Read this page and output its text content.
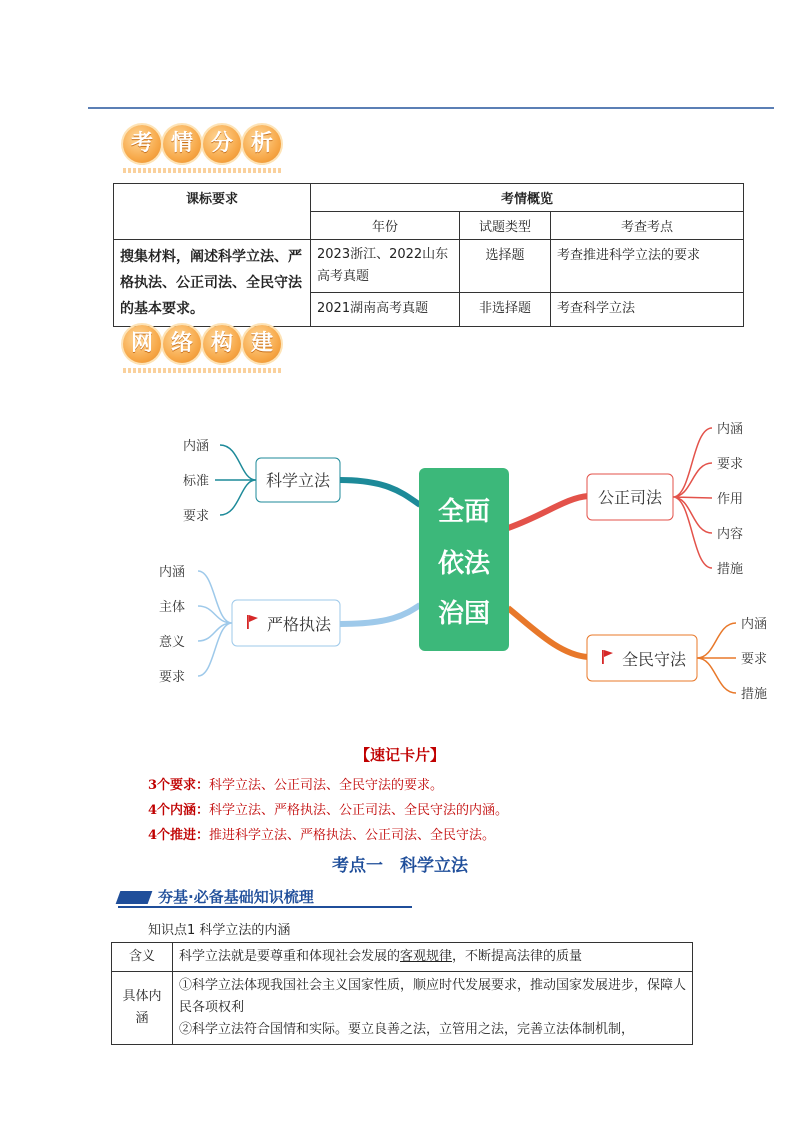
考 情 分 析
课标要求	考情概览		
	年份	试题类型	考查考点
搜集材料，阐述科学立法、严格执法、公正司法、全民守法的基本要求。	2023浙江、2022山东高考真题	选择题	考查推进科学立法的要求
	2021湖南高考真题	非选择题	考查科学立法
网 络 构 建
全面
依法
治国
科学立法
内涵
标准
要求
严格执法
内涵
主体
意义
要求
公正司法
内涵
要求
作用
内容
措施
全民守法
内涵
要求
措施
【速记卡片】
3个要求：科学立法、公正司法、全民守法的要求。
4个内涵：科学立法、严格执法、公正司法、全民守法的内涵。
4个推进：推进科学立法、严格执法、公正司法、全民守法。
考点一　科学立法
夯基·必备基础知识梳理
知识点1 科学立法的内涵
含义	科学立法就是要尊重和体现社会发展的客观规律，不断提高法律的质量
具体内涵	①科学立法体现我国社会主义国家性质，顺应时代发展要求，推动国家发展进步，保障人民各项权利
②科学立法符合国情和实际。要立良善之法，立管用之法，完善立法体制机制，
